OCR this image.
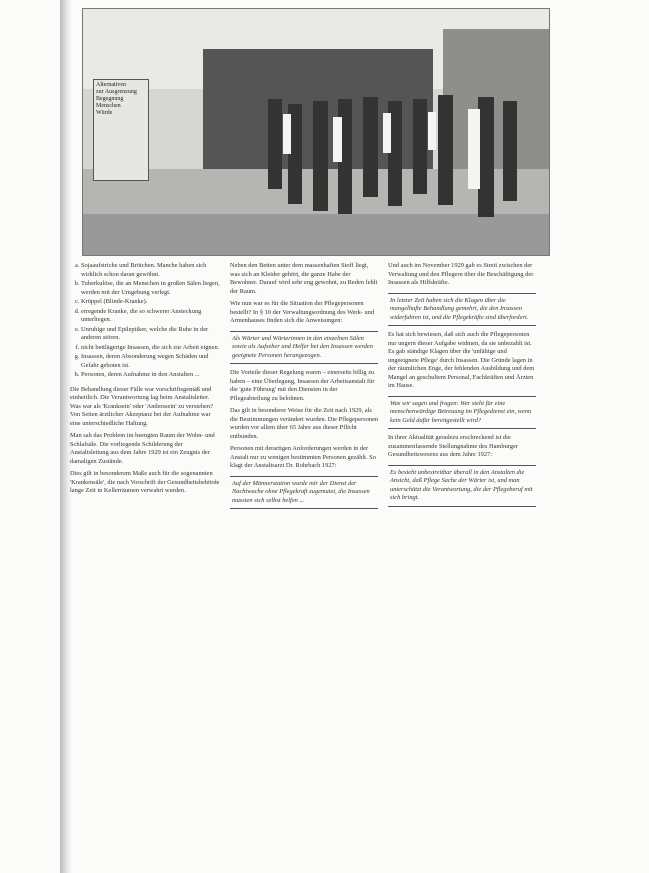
Alternativen
zur Ausgrenzung
Begegnung
Menschen
Würde
a. Sojaaufstriche und Brötchen. Manche haben sich wirklich schon daran gewöhnt.
b. Tuberkulöse, die an Menschen in großen Sälen liegen, werden mit der Umgebung verlegt.
c. Krüppel (Blinde-Kranke).
d. erregende Kranke, die so schwerer Ansteckung unterliegen.
e. Unruhige und Epileptiker, welche die Ruhe in der anderen stören.
f. nicht bettlägerige Insassen, die sich zur Arbeit eignen.
g. Insassen, deren Absonderung wegen Schäden und Gefahr geboten ist.
h. Personen, deren Aufnahme in den Anstalten ...

Die Behandlung dieser Fälle war vorschriftsgemäß und einheitlich. Die Verantwortung lag beim Anstaltsleiter. Was war als 'Kranksein' oder 'Anderssein' zu verstehen? Von Seiten ärztlicher Akzeptanz bei der Aufnahme war eine unterschiedliche Haltung.

Man sah das Problem im beengten Raum der Wohn- und Schlafsäle. Die vorliegende Schilderung der Anstaltsleitung aus dem Jahre 1929 ist ein Zeugnis der damaligen Zustände.

Dies gilt in besonderem Maße auch für die sogenannten 'Krankensäle', die nach Vorschrift der Gesundheitsbehörde lange Zeit in Kellerräumen verwahrt wurden.

Neben den Betten unter dem massenhaften Stoff liegt, was sich an Kleider gehört, die ganze Habe der Bewohner. Darauf wird sehr eng gewohnt, zu Reden fehlt der Raum.

Wie nun war es für die Situation der Pflegepersonen bestellt? In § 10 der Verwaltungsordnung des Werk- und Armenhauses finden sich die Anweisungen:

Als Wärter und Wärterinnen in den einzelnen Sälen sowie als Aufseher und Helfer bei den Insassen werden geeignete Personen herangezogen.

Die Vorteile dieser Regelung waren – einerseits billig zu haben – eine Überlegung, Insassen der Arbeitsanstalt für die 'gute Führung' mit den Diensten in der Pflegeabteilung zu belohnen.

Das gilt in besonderer Weise für die Zeit nach 1929, als die Bestimmungen verändert wurden. Die Pflegepersonen wurden vor allem über 65 Jahre aus dieser Pflicht entbunden.

Personen mit derartigen Anforderungen werden in der Anstalt nur zu wenigen bestimmten Personen gezählt. So klagt der Anstaltsarzt Dr. Rohrbach 1927:

Auf der Männerstation wurde mir der Dienst der Nachtwache ohne Pflegekraft zugemutet, die Insassen mussten sich selbst helfen ...

Und auch im November 1929 gab es Streit zwischen der Verwaltung und den Pflegern über die Beschäftigung der Insassen als Hilfskräfte.

In letzter Zeit haben sich die Klagen über die mangelhafte Behandlung gemehrt, die den Insassen widerfahren ist, und die Pflegekräfte sind überfordert.

Es hat sich bewiesen, daß sich auch die Pflegepersonen nur ungern dieser Aufgabe widmen, da sie unbezahlt ist. Es gab ständige Klagen über die 'unfähige und ungeeignete Pflege' durch Insassen. Die Gründe lagen in der räumlichen Enge, der fehlenden Ausbildung und dem Mangel an geschultem Personal, Fachkräften und Ärzten im Hause.

Was wir sagen und fragen: Wer steht für eine menschenwürdige Betreuung im Pflegedienst ein, wenn kein Geld dafür bereitgestellt wird?

In ihrer Aktualität geradezu erschreckend ist die zusammenfassende Stellungnahme des Hamburger Gesundheitswesens aus dem Jahre 1927:

Es besteht unbestreitbar überall in den Anstalten die Ansicht, daß Pflege Sache der Wärter ist, und man unterschätzt die Verantwortung, die der Pflegeberuf mit sich bringt.
